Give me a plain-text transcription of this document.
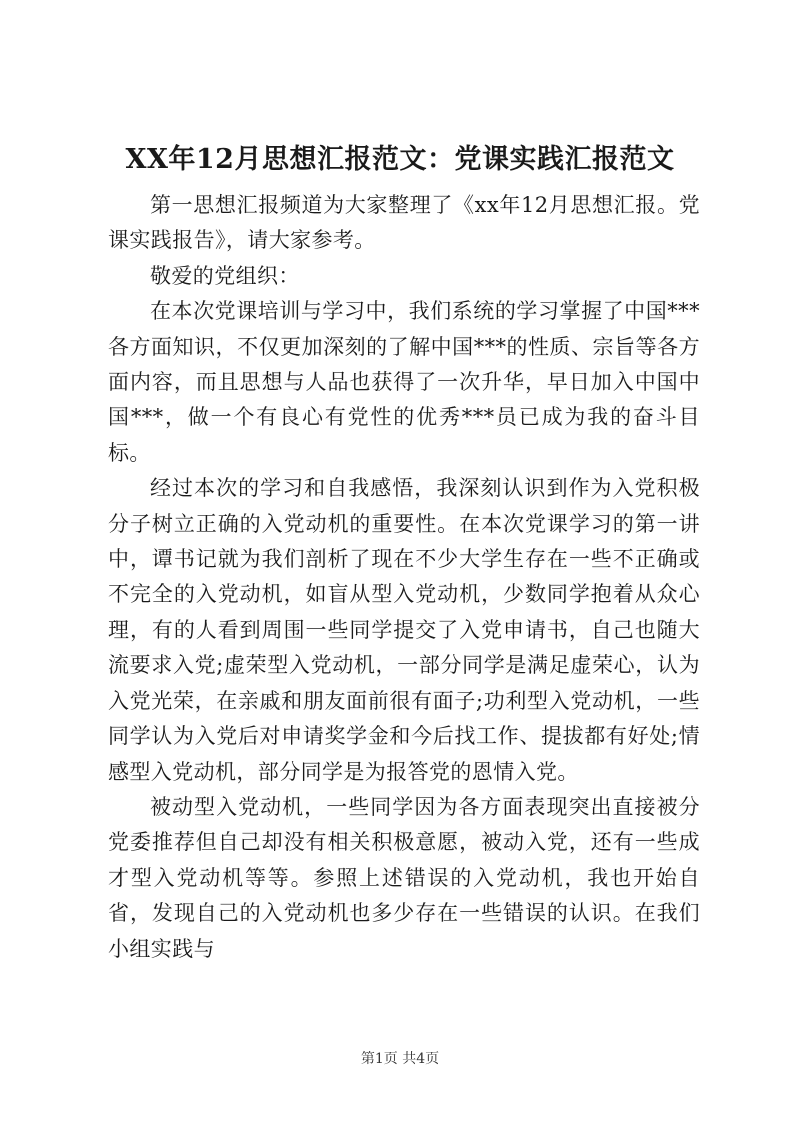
XX年12月思想汇报范文：党课实践汇报范文

第一思想汇报频道为大家整理了《xx年12月思想汇报。党课实践报告》，请大家参考。

敬爱的党组织：

在本次党课培训与学习中，我们系统的学习掌握了中国***各方面知识，不仅更加深刻的了解中国***的性质、宗旨等各方面内容，而且思想与人品也获得了一次升华，早日加入中国中国***，做一个有良心有党性的优秀***员已成为我的奋斗目标。

经过本次的学习和自我感悟，我深刻认识到作为入党积极分子树立正确的入党动机的重要性。在本次党课学习的第一讲中，谭书记就为我们剖析了现在不少大学生存在一些不正确或不完全的入党动机，如盲从型入党动机，少数同学抱着从众心理，有的人看到周围一些同学提交了入党申请书，自己也随大流要求入党;虚荣型入党动机，一部分同学是满足虚荣心，认为入党光荣，在亲戚和朋友面前很有面子;功利型入党动机，一些同学认为入党后对申请奖学金和今后找工作、提拔都有好处;情感型入党动机，部分同学是为报答党的恩情入党。

被动型入党动机，一些同学因为各方面表现突出直接被分党委推荐但自己却没有相关积极意愿，被动入党，还有一些成才型入党动机等等。参照上述错误的入党动机，我也开始自省，发现自己的入党动机也多少存在一些错误的认识。在我们小组实践与

第1页 共4页
